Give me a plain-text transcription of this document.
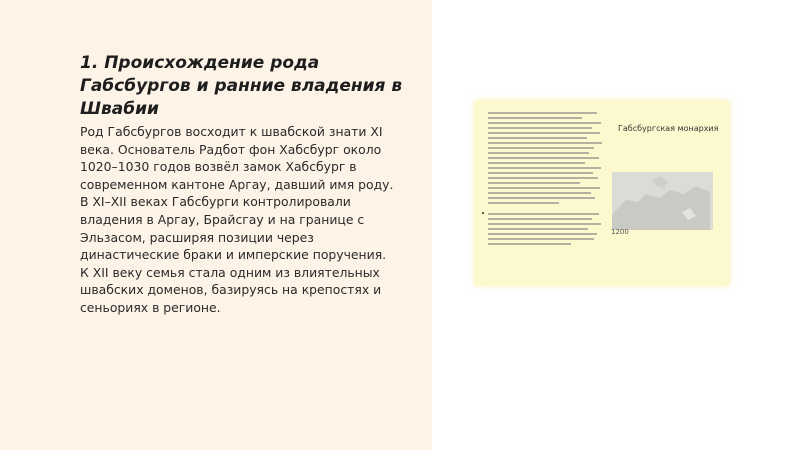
1. Происхождение рода Габсбургов и ранние владения в Швабии

Род Габсбургов восходит к швабской знати XI века. Основатель Радбот фон Хабсбург около 1020–1030 годов возвёл замок Хабсбург в современном кантоне Аргау, давший имя роду. В XI–XII веках Габсбурги контролировали владения в Аргау, Брайсгау и на границе с Эльзасом, расширяя позиции через династические браки и имперские поручения. К XII веку семья стала одним из влиятельных швабских доменов, базируясь на крепостях и сеньориях в регионе.

Габсбургская монархия
1200
